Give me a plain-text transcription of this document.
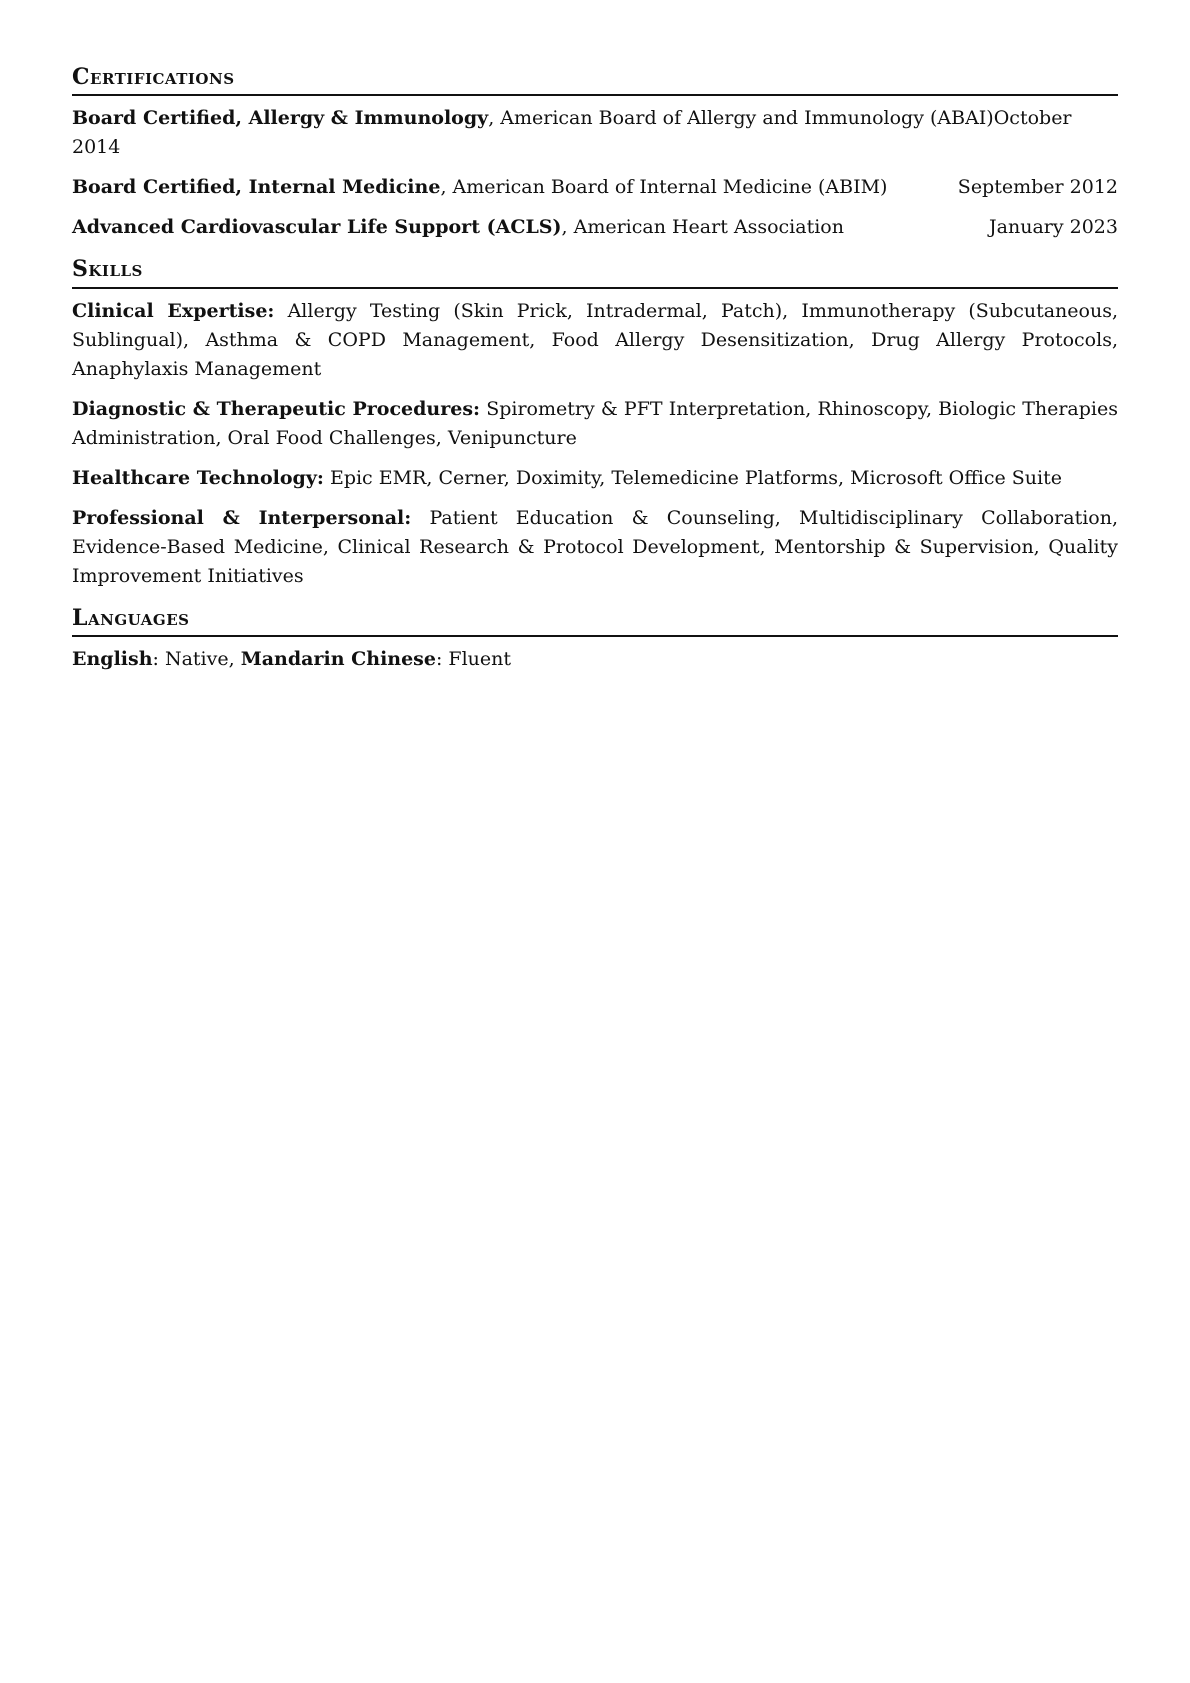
Certifications
Board Certified, Allergy & Immunology, American Board of Allergy and Immunology (ABAI)October 2014
Board Certified, Internal Medicine, American Board of Internal Medicine (ABIM)	September 2012
Advanced Cardiovascular Life Support (ACLS), American Heart Association	January 2023
Skills
Clinical Expertise: Allergy Testing (Skin Prick, Intradermal, Patch), Immunotherapy (Subcutaneous, Sublingual), Asthma & COPD Management, Food Allergy Desensitization, Drug Allergy Protocols, Anaphylaxis Management
Diagnostic & Therapeutic Procedures: Spirometry & PFT Interpretation, Rhinoscopy, Biologic Therapies Administration, Oral Food Challenges, Venipuncture
Healthcare Technology: Epic EMR, Cerner, Doximity, Telemedicine Platforms, Microsoft Office Suite
Professional & Interpersonal: Patient Education & Counseling, Multidisciplinary Collaboration, Evidence-Based Medicine, Clinical Research & Protocol Development, Mentorship & Supervision, Quality Improvement Initiatives
Languages
English: Native, Mandarin Chinese: Fluent
